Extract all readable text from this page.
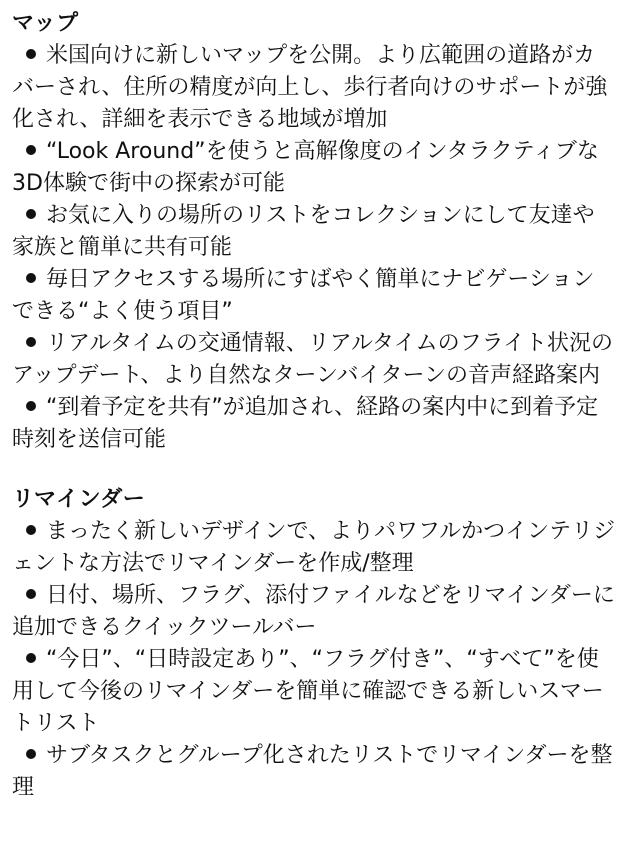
マップ
米国向けに新しいマップを公開。より広範囲の道路がカバーされ、住所の精度が向上し、歩行者向けのサポートが強化され、詳細を表示できる地域が増加
“Look Around”を使うと高解像度のインタラクティブな3D体験で街中の探索が可能
お気に入りの場所のリストをコレクションにして友達や家族と簡単に共有可能
毎日アクセスする場所にすばやく簡単にナビゲーションできる“よく使う項目”
リアルタイムの交通情報、リアルタイムのフライト状況のアップデート、より自然なターンバイターンの音声経路案内
“到着予定を共有”が追加され、経路の案内中に到着予定時刻を送信可能
リマインダー
まったく新しいデザインで、よりパワフルかつインテリジェントな方法でリマインダーを作成/整理
日付、場所、フラグ、添付ファイルなどをリマインダーに追加できるクイックツールバー
“今日”、“日時設定あり”、“フラグ付き”、“すべて”を使用して今後のリマインダーを簡単に確認できる新しいスマートリスト
サブタスクとグループ化されたリストでリマインダーを整理
